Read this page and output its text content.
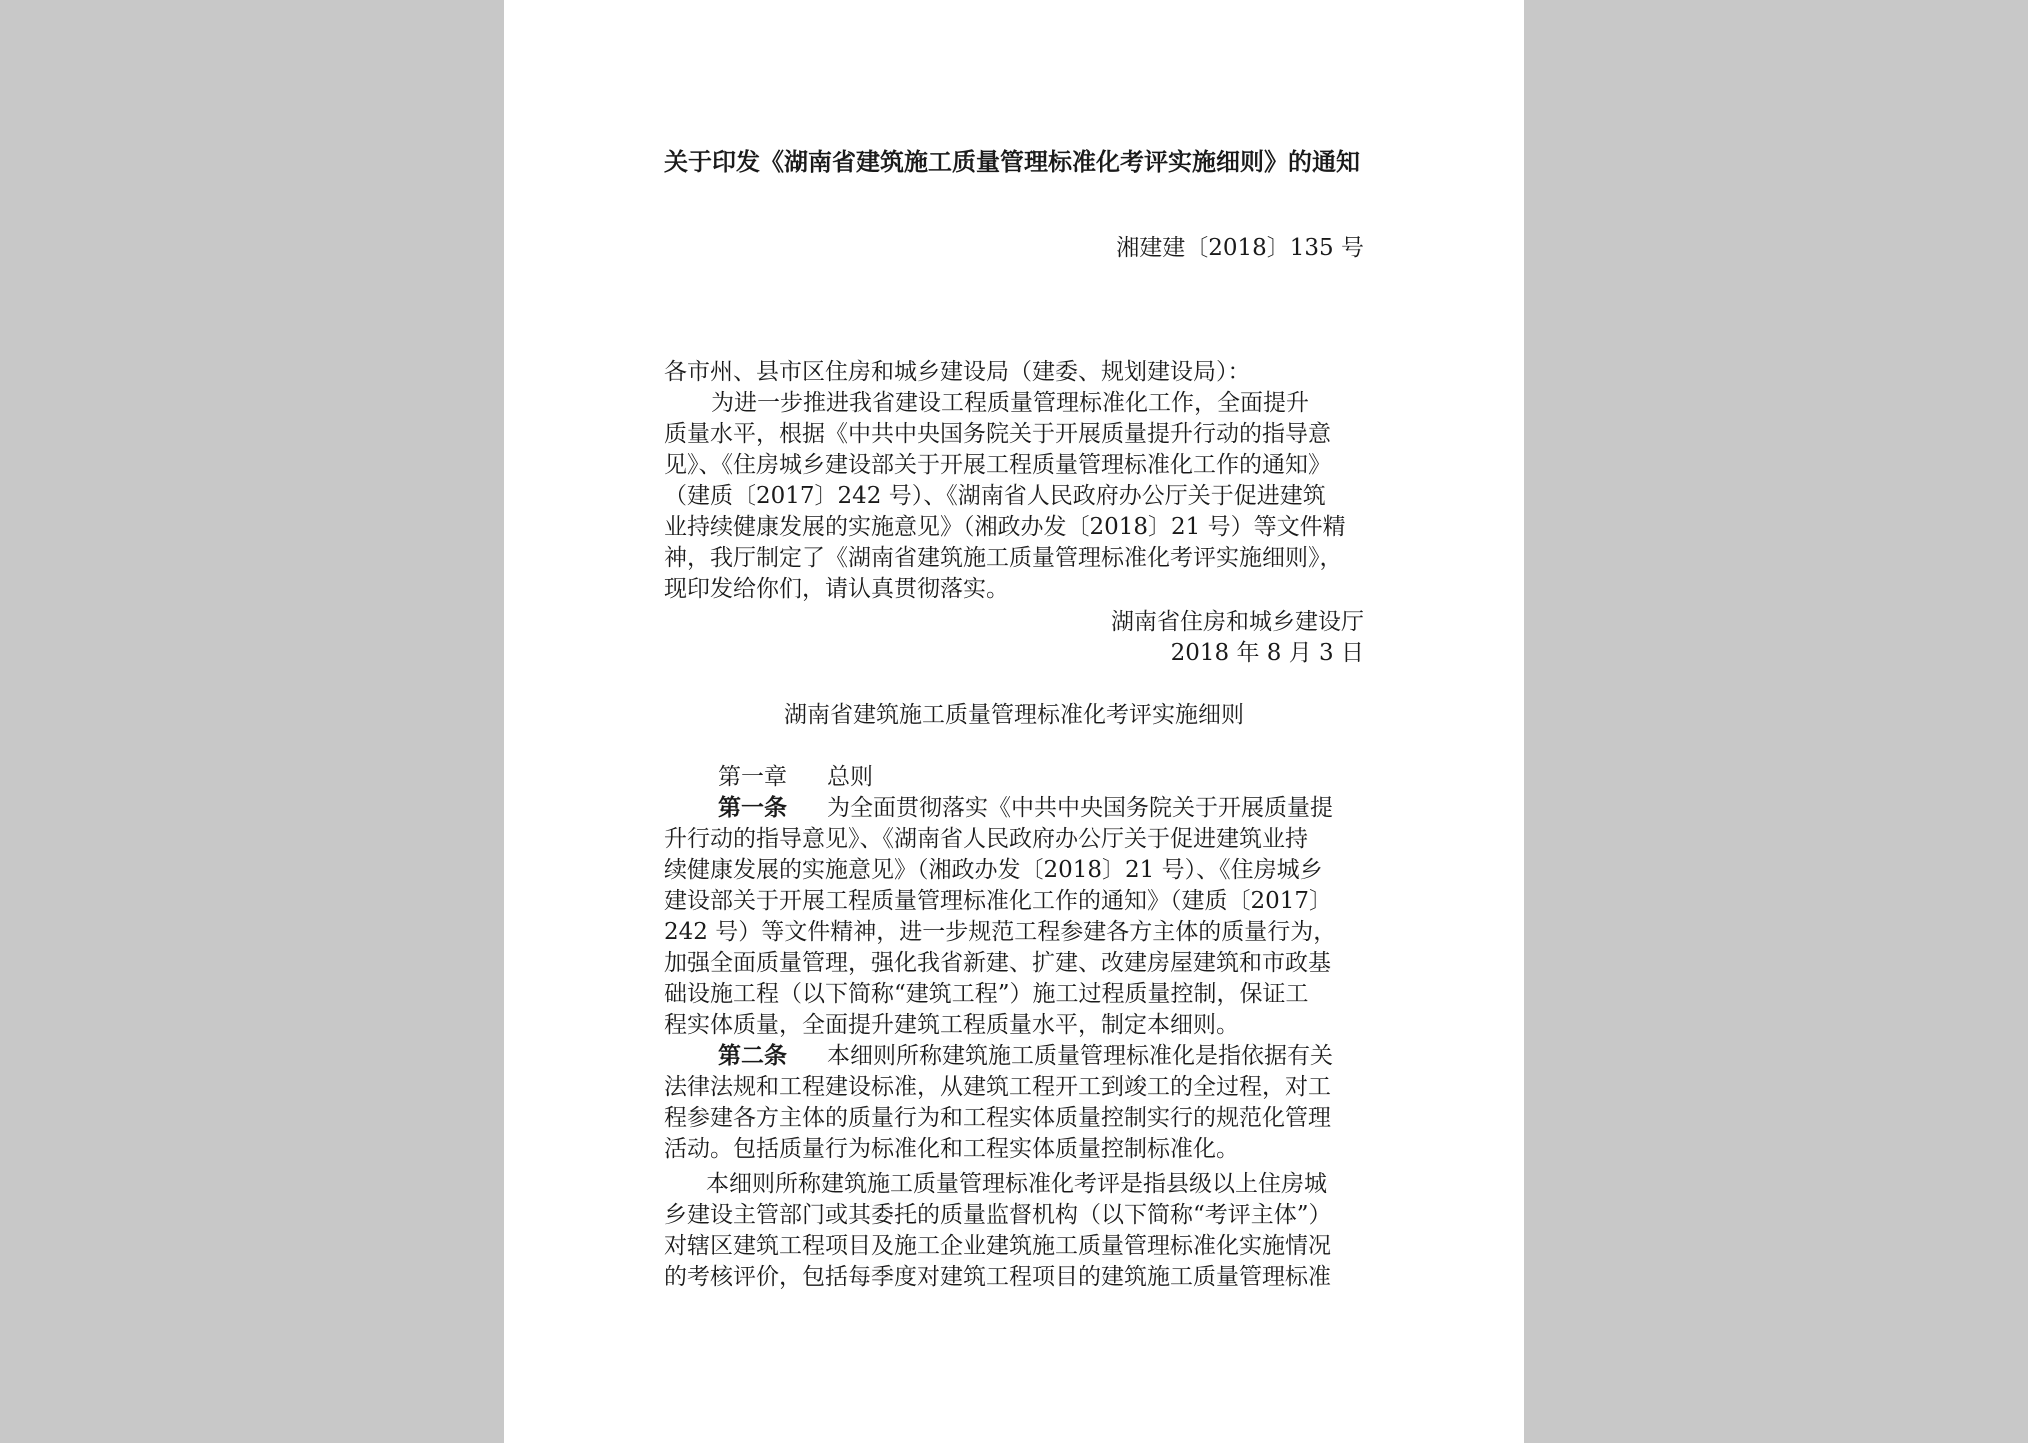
关于印发《湖南省建筑施工质量管理标准化考评实施细则》的通知
湘建建〔2018〕135 号
各市州、县市区住房和城乡建设局（建委、规划建设局）：
为进一步推进我省建设工程质量管理标准化工作，全面提升
质量水平，根据《中共中央国务院关于开展质量提升行动的指导意
见》、《住房城乡建设部关于开展工程质量管理标准化工作的通知》
（建质〔2017〕242 号）、《湖南省人民政府办公厅关于促进建筑
业持续健康发展的实施意见》（湘政办发〔2018〕21 号）等文件精
神，我厅制定了《湖南省建筑施工质量管理标准化考评实施细则》，
现印发给你们，请认真贯彻落实。
湖南省住房和城乡建设厅
2018 年 8 月 3 日
湖南省建筑施工质量管理标准化考评实施细则
第一章 总则
第一条 为全面贯彻落实《中共中央国务院关于开展质量提
升行动的指导意见》、《湖南省人民政府办公厅关于促进建筑业持
续健康发展的实施意见》（湘政办发〔2018〕21 号）、《住房城乡
建设部关于开展工程质量管理标准化工作的通知》（建质〔2017〕
242 号）等文件精神，进一步规范工程参建各方主体的质量行为，
加强全面质量管理，强化我省新建、扩建、改建房屋建筑和市政基
础设施工程（以下简称“建筑工程”）施工过程质量控制，保证工
程实体质量，全面提升建筑工程质量水平，制定本细则。
第二条 本细则所称建筑施工质量管理标准化是指依据有关
法律法规和工程建设标准，从建筑工程开工到竣工的全过程，对工
程参建各方主体的质量行为和工程实体质量控制实行的规范化管理
活动。包括质量行为标准化和工程实体质量控制标准化。
本细则所称建筑施工质量管理标准化考评是指县级以上住房城
乡建设主管部门或其委托的质量监督机构（以下简称“考评主体”）
对辖区建筑工程项目及施工企业建筑施工质量管理标准化实施情况
的考核评价，包括每季度对建筑工程项目的建筑施工质量管理标准
